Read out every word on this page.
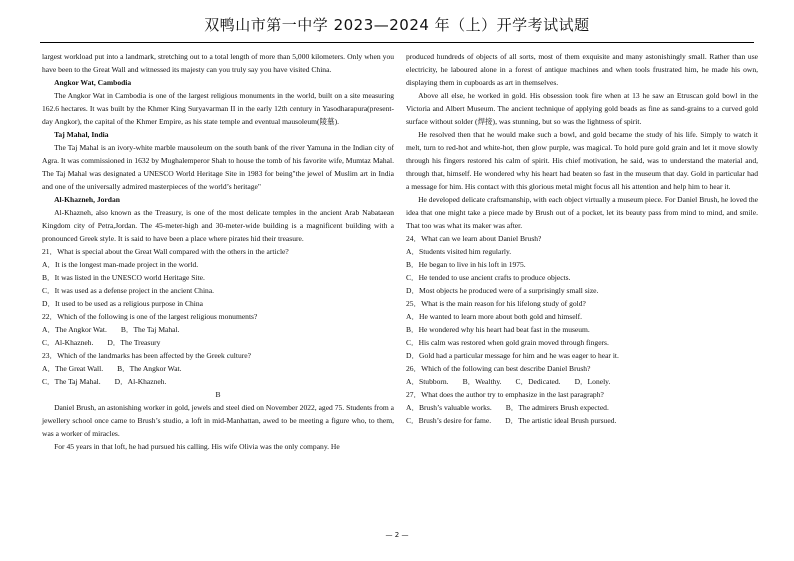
双鸭山市第一中学 2023—2024 年（上）开学考试试题

largest workload put into a landmark, stretching out to a total length of more than 5,000 kilometers. Only when you have been to the Great Wall and witnessed its majesty can you truly say you have visited China.

Angkor Wat, Cambodia

The Angkor Wat in Cambodia is one of the largest religious monuments in the world, built on a site measuring 162.6 hectares. It was built by the Khmer King Suryavarman II in the early 12th century in Yasodharapura(present-day Angkor), the capital of the Khmer Empire, as his state temple and eventual mausoleum(陵墓).

Taj Mahal, India

The Taj Mahal is an ivory-white marble mausoleum on the south bank of the river Yamuna in the Indian city of Agra. It was commissioned in 1632 by Mughalemperor Shah to house the tomb of his favorite wife, Mumtaz Mahal. The Taj Mahal was designated a UNESCO World Heritage Site in 1983 for being"the jewel of Muslim art in India and one of the universally admired masterpieces of the world’s heritage"

Al-Khazneh, Jordan

Al-Khazneh, also known as the Treasury, is one of the most delicate temples in the ancient Arab Nabataean Kingdom city of Petra,Jordan. The 45-meter-high and 30-meter-wide building is a magnificent building with a pronounced Greek style. It is said to have been a place where pirates hid their treasure.

21．What is special about the Great Wall compared with the others in the article?

A．It is the longest man-made project in the world.

B．It was listed in the UNESCO world Heritage Site.

C．It was used as a defense project in the ancient China.

D．It used to be used as a religious purpose in China

22．Which of the following is one of the largest religious monuments?

A．The Angkor Wat. B．The Taj Mahal.
C．Al-Khazneh. D．The Treasury

23．Which of the landmarks has been affected by the Greek culture?

A．The Great Wall. B．The Angkor Wat.
C．The Taj Mahal. D．Al-Khazneh.

B

Daniel Brush, an astonishing worker in gold, jewels and steel died on November 2022, aged 75. Students from a jewellery school once came to Brush’s studio, a loft in mid-Manhattan, awed to be meeting a figure who, to them, was a worker of miracles.

For 45 years in that loft, he had pursued his calling. His wife Olivia was the only company. He

produced hundreds of objects of all sorts, most of them exquisite and many astonishingly small. Rather than use electricity, he laboured alone in a forest of antique machines and when tools frustrated him, he made his own, displaying them in cupboards as art in themselves.

Above all else, he worked in gold. His obsession took fire when at 13 he saw an Etruscan gold bowl in the Victoria and Albert Museum. The ancient technique of applying gold beads as fine as sand-grains to a curved gold surface without solder (焊接), was stunning, but so was the lightness of spirit.

He resolved then that he would make such a bowl, and gold became the study of his life. Simply to watch it melt, turn to red-hot and white-hot, then glow purple, was magical. To hold pure gold grain and let it move slowly through his fingers restored his calm of spirit. His chief motivation, he said, was to understand the material and, through that, himself. He wondered why his heart had beaten so fast in the museum that day. Gold in particular had a message for him. His contact with this glorious metal might focus all his attention and help him to hear it.

He developed delicate craftsmanship, with each object virtually a museum piece. For Daniel Brush, he loved the idea that one might take a piece made by Brush out of a pocket, let its beauty pass from mind to mind, and smile. That too was what its maker was after.

24．What can we learn about Daniel Brush?

A．Students visited him regularly.

B．He began to live in his loft in 1975.

C．He tended to use ancient crafts to produce objects.

D．Most objects he produced were of a surprisingly small size.

25．What is the main reason for his lifelong study of gold?

A．He wanted to learn more about both gold and himself.

B．He wondered why his heart had beat fast in the museum.

C．His calm was restored when gold grain moved through fingers.

D．Gold had a particular message for him and he was eager to hear it.

26．Which of the following can best describe Daniel Brush?

A．Stubborn. B．Wealthy. C．Dedicated. D．Lonely.

27．What does the author try to emphasize in the last paragraph?

A．Brush’s valuable works. B．The admirers Brush expected.
C．Brush’s desire for fame. D．The artistic ideal Brush pursued.
— 2 —
